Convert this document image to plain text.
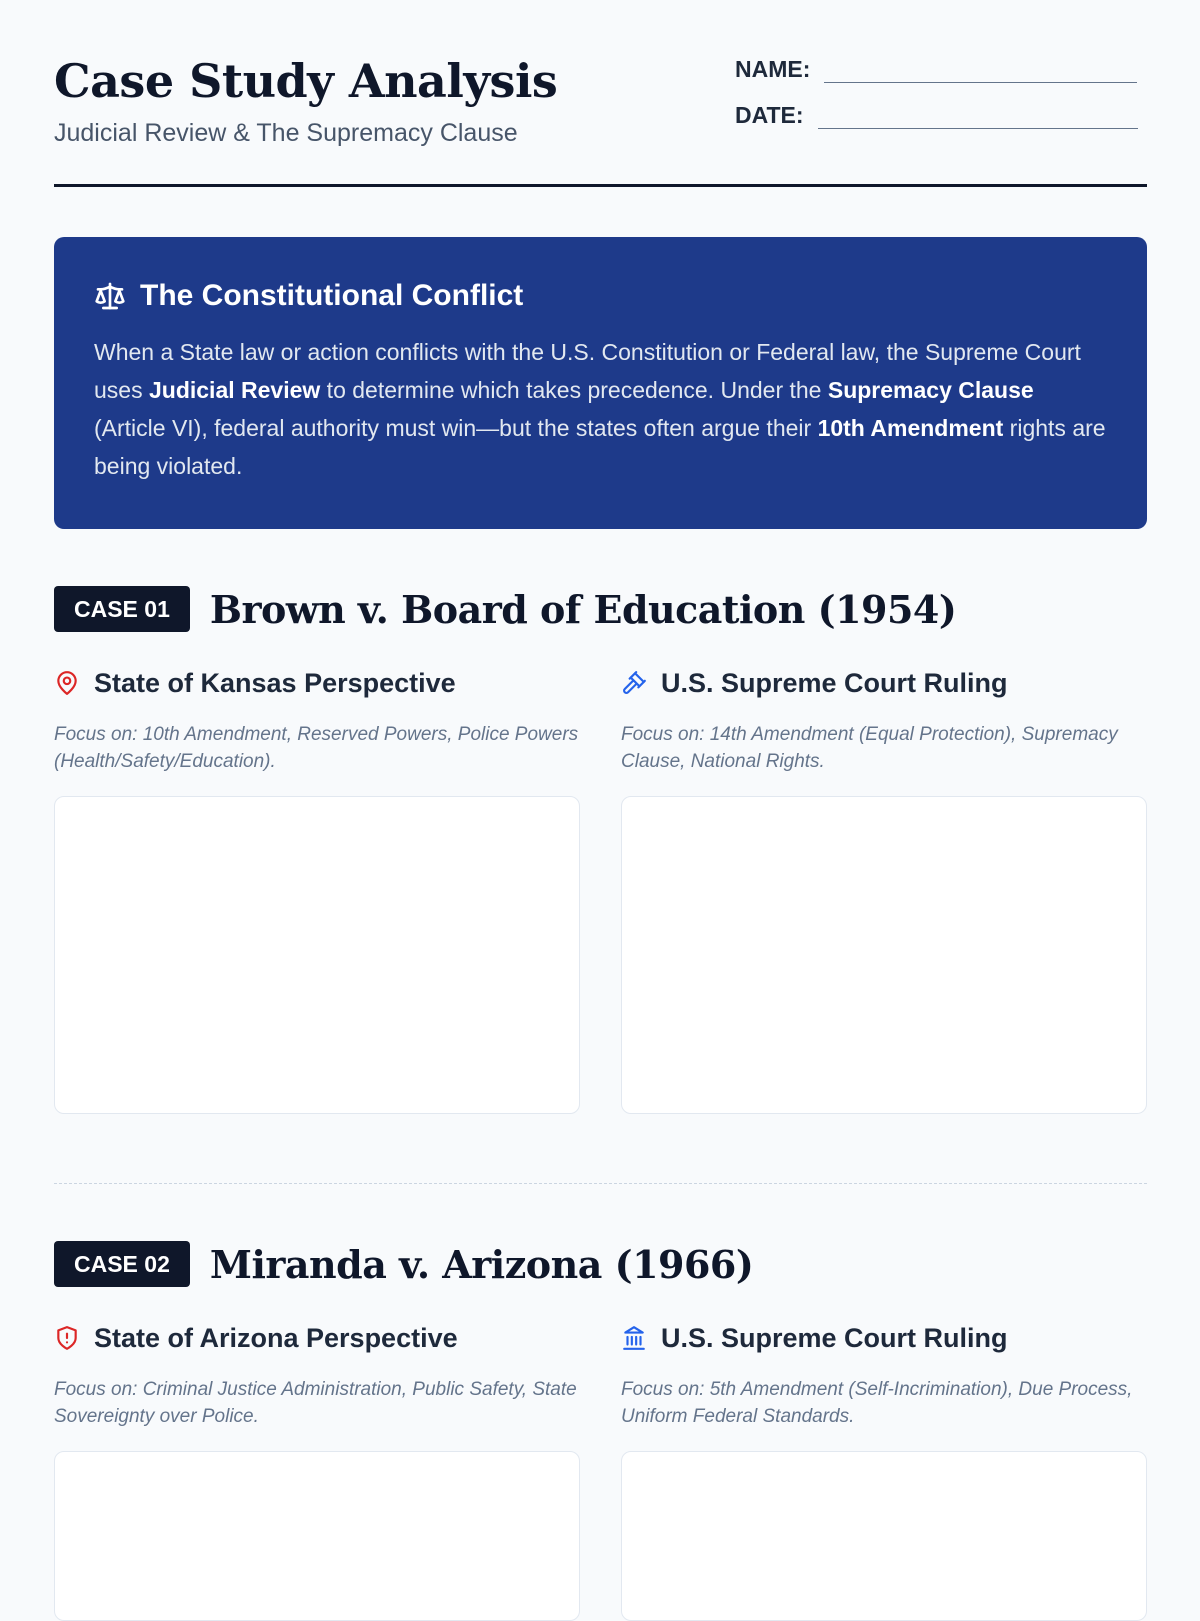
Case Study Analysis
Judicial Review & The Supremacy Clause
NAME:
DATE:
The Constitutional Conflict
When a State law or action conflicts with the U.S. Constitution or Federal law, the Supreme Court uses Judicial Review to determine which takes precedence. Under the Supremacy Clause (Article VI), federal authority must win—but the states often argue their 10th Amendment rights are being violated.
CASE 01	Brown v. Board of Education (1954)
State of Kansas Perspective
Focus on: 10th Amendment, Reserved Powers, Police Powers (Health/Safety/Education).
U.S. Supreme Court Ruling
Focus on: 14th Amendment (Equal Protection), Supremacy Clause, National Rights.
CASE 02	Miranda v. Arizona (1966)
State of Arizona Perspective
Focus on: Criminal Justice Administration, Public Safety, State Sovereignty over Police.
U.S. Supreme Court Ruling
Focus on: 5th Amendment (Self-Incrimination), Due Process, Uniform Federal Standards.
